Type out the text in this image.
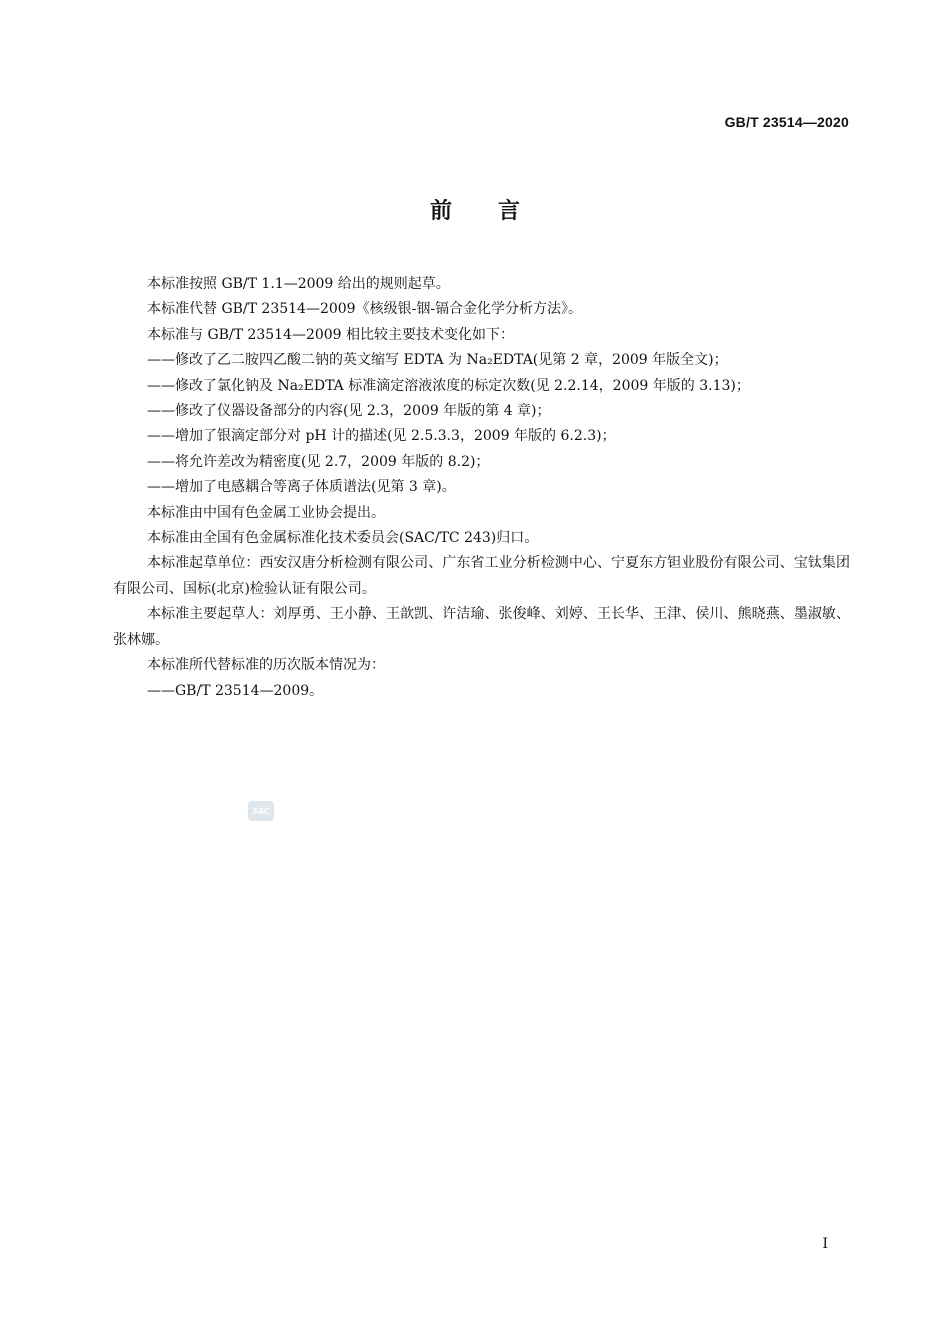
GB/T 23514—2020
前言

本标准按照 GB/T 1.1—2009 给出的规则起草。

本标准代替 GB/T 23514—2009《核级银-铟-镉合金化学分析方法》。

本标准与 GB/T 23514—2009 相比较主要技术变化如下：

——修改了乙二胺四乙酸二钠的英文缩写 EDTA 为 Na₂EDTA(见第 2 章，2009 年版全文)；

——修改了氯化钠及 Na₂EDTA 标准滴定溶液浓度的标定次数(见 2.2.14，2009 年版的 3.13)；

——修改了仪器设备部分的内容(见 2.3，2009 年版的第 4 章)；

——增加了银滴定部分对 pH 计的描述(见 2.5.3.3，2009 年版的 6.2.3)；

——将允许差改为精密度(见 2.7，2009 年版的 8.2)；

——增加了电感耦合等离子体质谱法(见第 3 章)。

本标准由中国有色金属工业协会提出。

本标准由全国有色金属标准化技术委员会(SAC/TC 243)归口。

本标准起草单位：西安汉唐分析检测有限公司、广东省工业分析检测中心、宁夏东方钽业股份有限公司、宝钛集团有限公司、国标(北京)检验认证有限公司。

本标准主要起草人：刘厚勇、王小静、王歆凯、许洁瑜、张俊峰、刘婷、王长华、王津、侯川、熊晓燕、墨淑敏、张林娜。

本标准所代替标准的历次版本情况为：

——GB/T 23514—2009。

SAC
I
